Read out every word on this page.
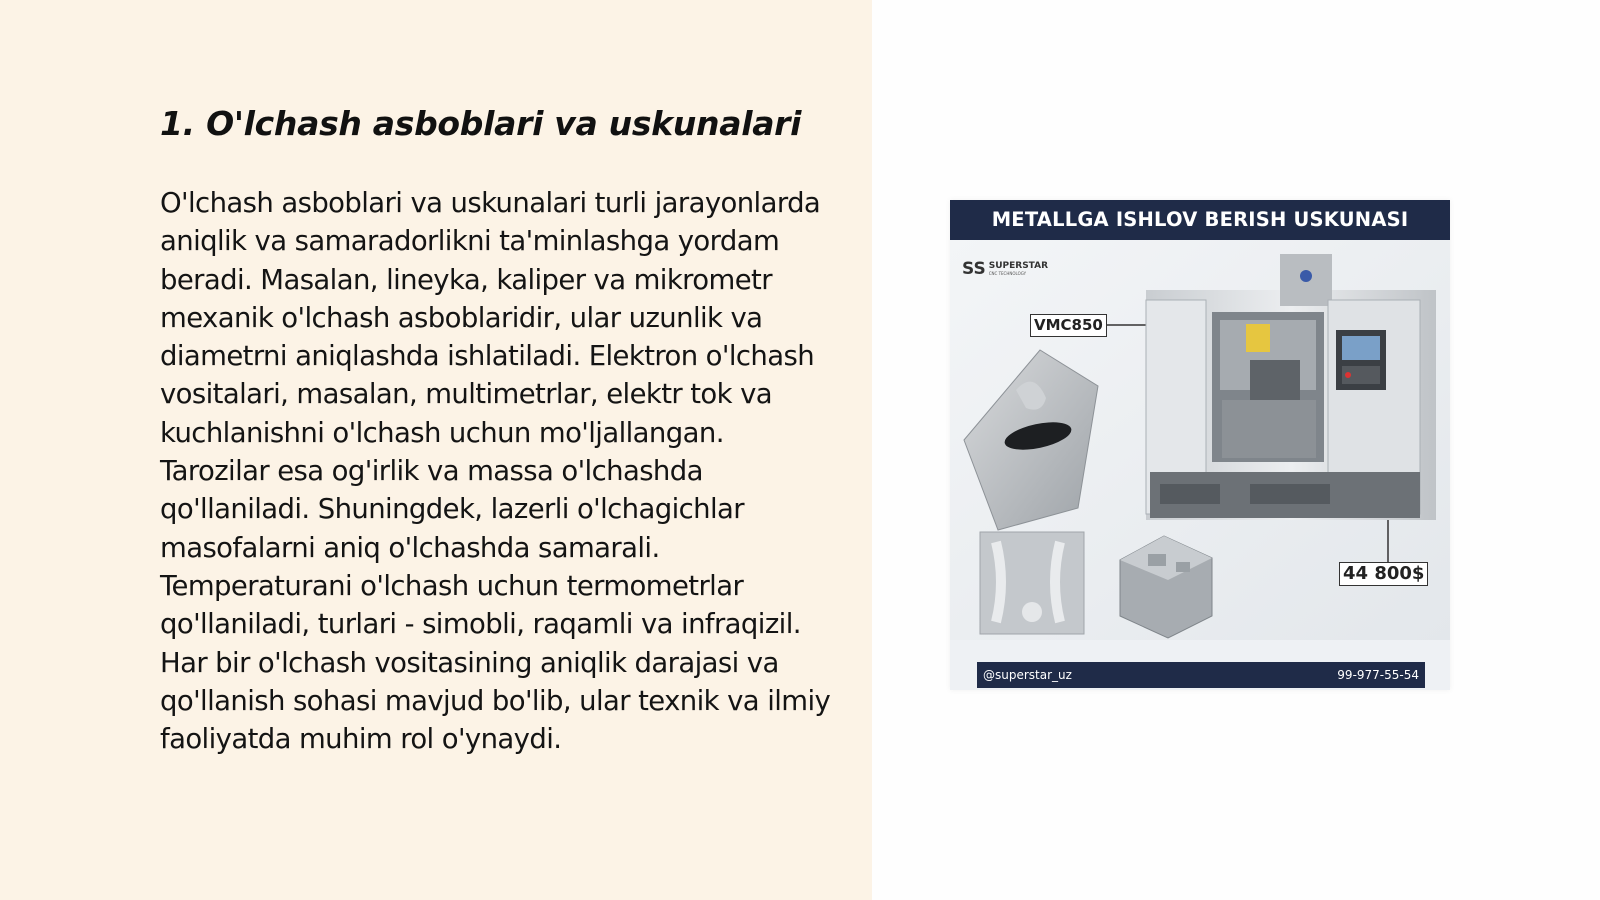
1. O'lchash asboblari va uskunalari

O'lchash asboblari va uskunalari turli jarayonlarda aniqlik va samaradorlikni ta'minlashga yordam beradi. Masalan, lineyka, kaliper va mikrometr mexanik o'lchash asboblaridir, ular uzunlik va diametrni aniqlashda ishlatiladi. Elektron o'lchash vositalari, masalan, multimetrlar, elektr tok va kuchlanishni o'lchash uchun mo'ljallangan. Tarozilar esa og'irlik va massa o'lchashda qo'llaniladi. Shuningdek, lazerli o'lchagichlar masofalarni aniq o'lchashda samarali. Temperaturani o'lchash uchun termometrlar qo'llaniladi, turlari - simobli, raqamli va infraqizil. Har bir o'lchash vositasining aniqlik darajasi va qo'llanish sohasi mavjud bo'lib, ular texnik va ilmiy faoliyatda muhim rol o'ynaydi.

METALLGA ISHLOV BERISH USKUNASI
SS SUPERSTAR
CNC TECHNOLOGY
VMC850
44 800$
@superstar_uz	99-977-55-54
